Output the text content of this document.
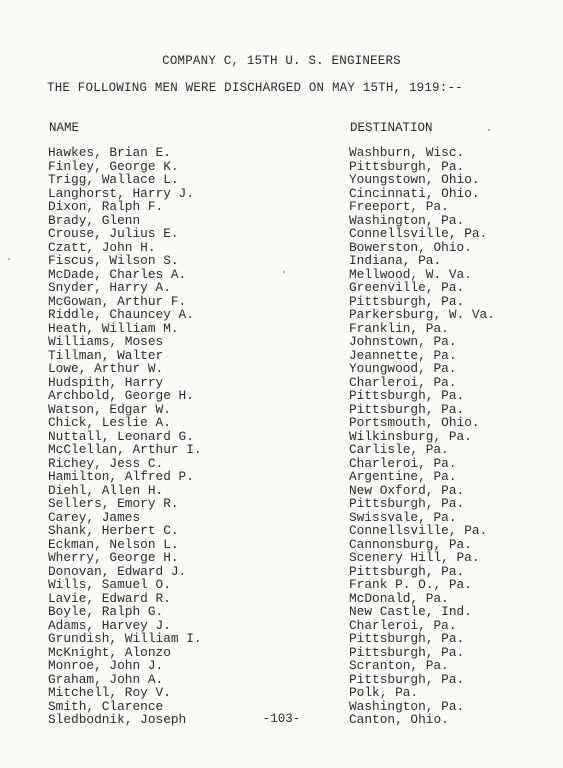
COMPANY C, 15TH U. S. ENGINEERS
THE FOLLOWING MEN WERE DISCHARGED ON MAY 15TH, 1919:--
NAME	DESTINATION
Hawkes, Brian E.	Washburn, Wisc.
Finley, George K.	Pittsburgh, Pa.
Trigg, Wallace L.	Youngstown, Ohio.
Langhorst, Harry J.	Cincinnati, Ohio.
Dixon, Ralph F.	Freeport, Pa.
Brady, Glenn	Washington, Pa.
Crouse, Julius E.	Connellsville, Pa.
Czatt, John H.	Bowerston, Ohio.
Fiscus, Wilson S.	Indiana, Pa.
McDade, Charles A.	Mellwood, W. Va.
Snyder, Harry A.	Greenville, Pa.
McGowan, Arthur F.	Pittsburgh, Pa.
Riddle, Chauncey A.	Parkersburg, W. Va.
Heath, William M.	Franklin, Pa.
Williams, Moses	Johnstown, Pa.
Tillman, Walter	Jeannette, Pa.
Lowe, Arthur W.	Youngwood, Pa.
Hudspith, Harry	Charleroi, Pa.
Archbold, George H.	Pittsburgh, Pa.
Watson, Edgar W.	Pittsburgh, Pa.
Chick, Leslie A.	Portsmouth, Ohio.
Nuttall, Leonard G.	Wilkinsburg, Pa.
McClellan, Arthur I.	Carlisle, Pa.
Richey, Jess C.	Charleroi, Pa.
Hamilton, Alfred P.	Argentine, Pa.
Diehl, Allen H.	New Oxford, Pa.
Sellers, Emory R.	Pittsburgh, Pa.
Carey, James	Swissvale, Pa.
Shank, Herbert C.	Connellsville, Pa.
Eckman, Nelson L.	Cannonsburg, Pa.
Wherry, George H.	Scenery Hill, Pa.
Donovan, Edward J.	Pittsburgh, Pa.
Wills, Samuel O.	Frank P. O., Pa.
Lavie, Edward R.	McDonald, Pa.
Boyle, Ralph G.	New Castle, Ind.
Adams, Harvey J.	Charleroi, Pa.
Grundish, William I.	Pittsburgh, Pa.
McKnight, Alonzo	Pittsburgh, Pa.
Monroe, John J.	Scranton, Pa.
Graham, John A.	Pittsburgh, Pa.
Mitchell, Roy V.	Polk, Pa.
Smith, Clarence	Washington, Pa.
Sledbodnik, Joseph	Canton, Ohio.
-103-
